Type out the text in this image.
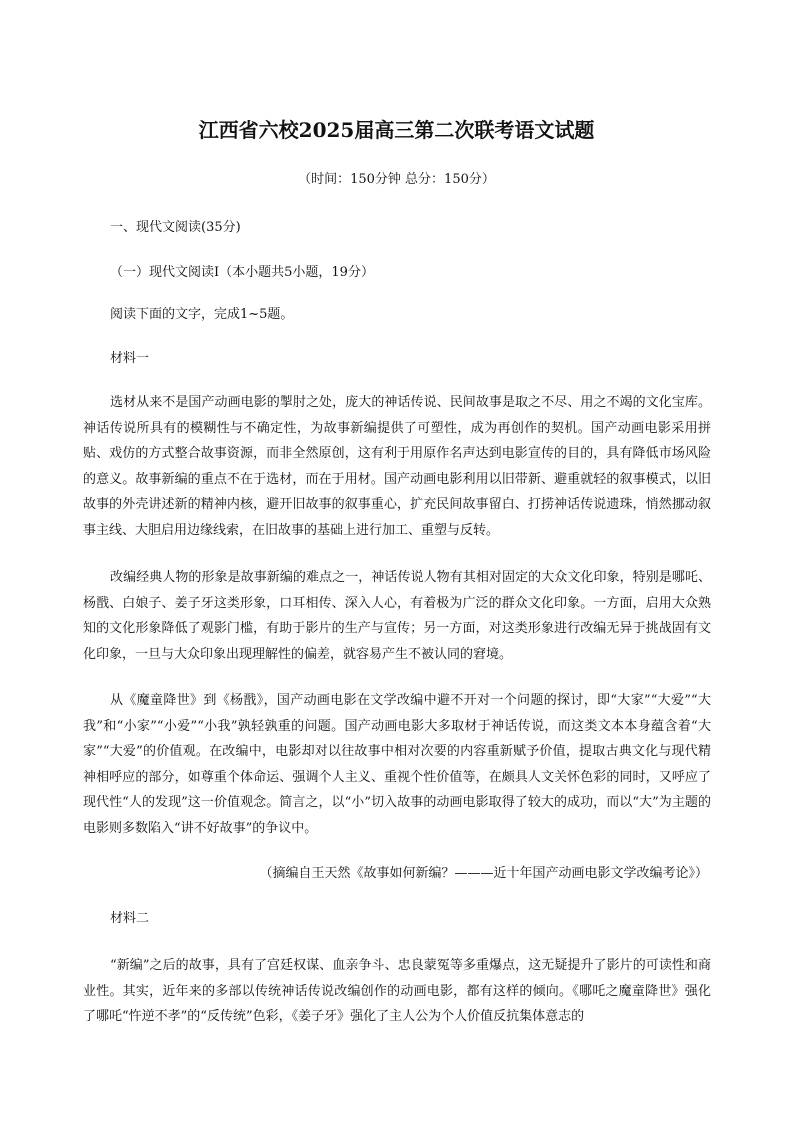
江西省六校2025届高三第二次联考语文试题
（时间：150分钟 总分：150分）
一、现代文阅读(35分)
（一）现代文阅读Ⅰ（本小题共5小题，19分）
阅读下面的文字，完成1~5题。
材料一

选材从来不是国产动画电影的掣肘之处，庞大的神话传说、民间故事是取之不尽、用之不竭的文化宝库。神话传说所具有的模糊性与不确定性，为故事新编提供了可塑性，成为再创作的契机。国产动画电影采用拼贴、戏仿的方式整合故事资源，而非全然原创，这有利于用原作名声达到电影宣传的目的，具有降低市场风险的意义。故事新编的重点不在于选材，而在于用材。国产动画电影利用以旧带新、避重就轻的叙事模式，以旧故事的外壳讲述新的精神内核，避开旧故事的叙事重心，扩充民间故事留白、打捞神话传说遗珠，悄然挪动叙事主线、大胆启用边缘线索，在旧故事的基础上进行加工、重塑与反转。

改编经典人物的形象是故事新编的难点之一，神话传说人物有其相对固定的大众文化印象，特别是哪吒、杨戬、白娘子、姜子牙这类形象，口耳相传、深入人心，有着极为广泛的群众文化印象。一方面，启用大众熟知的文化形象降低了观影门槛，有助于影片的生产与宣传；另一方面，对这类形象进行改编无异于挑战固有文化印象，一旦与大众印象出现理解性的偏差，就容易产生不被认同的窘境。

从《魔童降世》到《杨戬》，国产动画电影在文学改编中避不开对一个问题的探讨，即“大家”“大爱”“大我”和“小家”“小爱”“小我”孰轻孰重的问题。国产动画电影大多取材于神话传说，而这类文本本身蕴含着“大家”“大爱”的价值观。在改编中，电影却对以往故事中相对次要的内容重新赋予价值，提取古典文化与现代精神相呼应的部分，如尊重个体命运、强调个人主义、重视个性价值等，在颇具人文关怀色彩的同时，又呼应了现代性“人的发现”这一价值观念。简言之，以“小”切入故事的动画电影取得了较大的成功，而以“大”为主题的电影则多数陷入“讲不好故事”的争议中。

（摘编自王天然《故事如何新编？———近十年国产动画电影文学改编考论》）
材料二

“新编”之后的故事，具有了宫廷权谋、血亲争斗、忠良蒙冤等多重爆点，这无疑提升了影片的可读性和商业性。其实，近年来的多部以传统神话传说改编创作的动画电影，都有这样的倾向。《哪吒之魔童降世》强化了哪吒“忤逆不孝”的“反传统”色彩，《姜子牙》强化了主人公为个人价值反抗集体意志的
